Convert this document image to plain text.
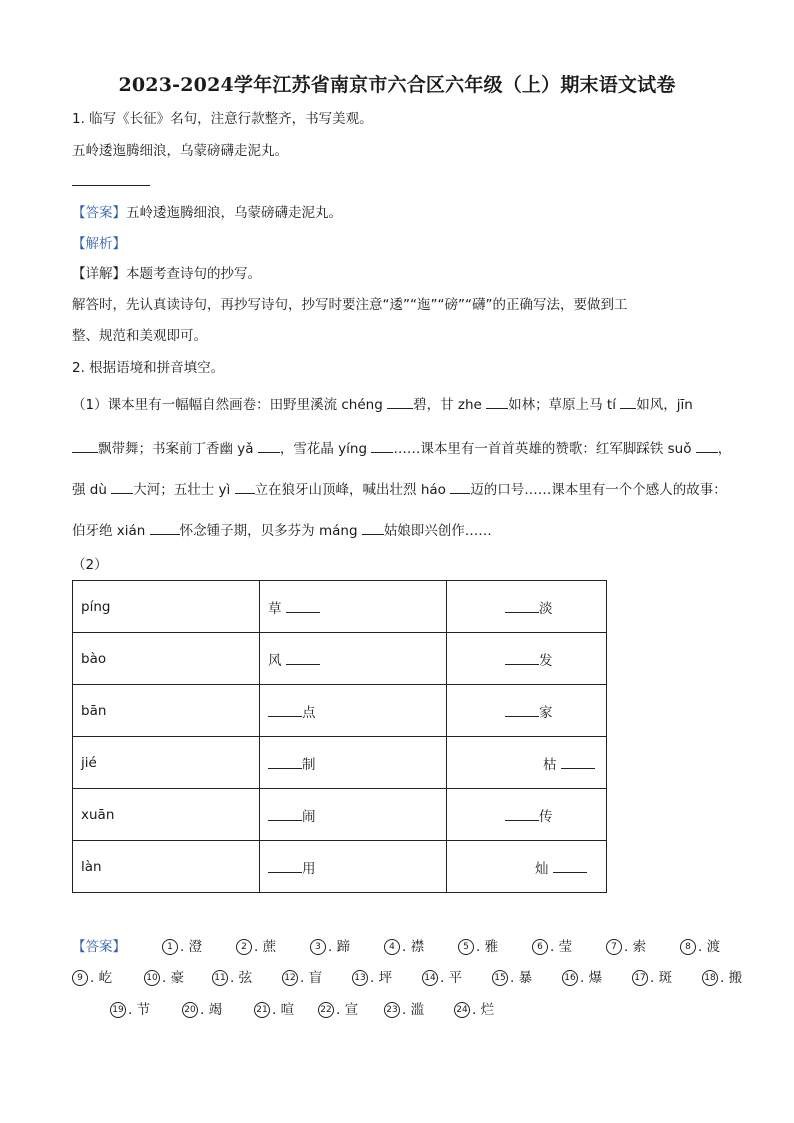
2023-2024学年江苏省南京市六合区六年级（上）期末语文试卷
1. 临写《长征》名句，注意行款整齐，书写美观。
五岭逶迤腾细浪，乌蒙磅礴走泥丸。
【答案】五岭逶迤腾细浪，乌蒙磅礴走泥丸。
【解析】
【详解】本题考查诗句的抄写。
解答时，先认真读诗句，再抄写诗句，抄写时要注意“逶”“迤”“磅”“礴”的正确写法，要做到工
整、规范和美观即可。
2. 根据语境和拼音填空。
（1）课本里有一幅幅自然画卷：田野里溪流 chéng 碧，甘 zhe 如林；草原上马 tí 如风，jīn
飘带舞；书案前丁香幽 yǎ ，雪花晶 yíng ……课本里有一首首英雄的赞歌：红军脚踩铁 suǒ ，
强 dù 大河；五壮士 yì 立在狼牙山顶峰，喊出壮烈 háo 迈的口号……课本里有一个个感人的故事：
伯牙绝 xián	怀念锺子期，贝多芬为 máng 姑娘即兴创作……
（2）
píng	草	淡
bào	风	发
bān	点	家
jié	制	枯
xuān	闹	传
làn	用	灿
【答案】	1 . 澄	2 . 蔗	3 . 蹄	4 . 襟	5 . 雅	6 . 莹	7 . 索	8 . 渡
9 . 屹	10 . 豪	11 . 弦	12 . 盲	13 . 坪	14 . 平	15 . 暴	16 . 爆	17 . 斑	18 . 搬
19 . 节	20 . 竭	21 . 喧	22 . 宣	23 . 滥	24 . 烂
